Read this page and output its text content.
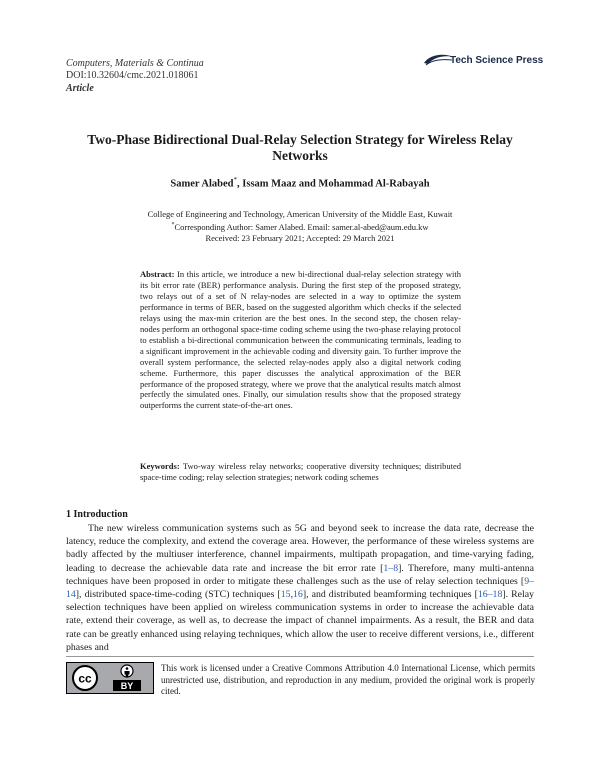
Computers, Materials & Continua
DOI:10.32604/cmc.2021.018061
Article
Tech Science Press
Two-Phase Bidirectional Dual-Relay Selection Strategy for Wireless Relay Networks
Samer Alabed*, Issam Maaz and Mohammad Al-Rabayah
College of Engineering and Technology, American University of the Middle East, Kuwait
*Corresponding Author: Samer Alabed. Email: samer.al-abed@aum.edu.kw
Received: 23 February 2021; Accepted: 29 March 2021
Abstract: In this article, we introduce a new bi-directional dual-relay selection strategy with its bit error rate (BER) performance analysis. During the first step of the proposed strategy, two relays out of a set of N relay-nodes are selected in a way to optimize the system performance in terms of BER, based on the suggested algorithm which checks if the selected relays using the max-min criterion are the best ones. In the second step, the chosen relay-nodes perform an orthogonal space-time coding scheme using the two-phase relaying protocol to establish a bi-directional communication between the communicating terminals, leading to a significant improvement in the achievable coding and diversity gain. To further improve the overall system performance, the selected relay-nodes apply also a digital network coding scheme. Furthermore, this paper discusses the analytical approximation of the BER performance of the proposed strategy, where we prove that the analytical results match almost perfectly the simulated ones. Finally, our simulation results show that the proposed strategy outperforms the current state-of-the-art ones.
Keywords: Two-way wireless relay networks; cooperative diversity techniques; distributed space-time coding; relay selection strategies; network coding schemes
1 Introduction

The new wireless communication systems such as 5G and beyond seek to increase the data rate, decrease the latency, reduce the complexity, and extend the coverage area. However, the performance of these wireless systems are badly affected by the multiuser interference, channel impairments, multipath propagation, and time-varying fading, leading to decrease the achievable data rate and increase the bit error rate [1–8]. Therefore, many multi-antenna techniques have been proposed in order to mitigate these challenges such as the use of relay selection techniques [9–14], distributed space-time-coding (STC) techniques [15,16], and distributed beamforming techniques [16–18]. Relay selection techniques have been applied on wireless communication systems in order to increase the achievable data rate, extend their coverage, as well as, to decrease the impact of channel impairments. As a result, the BER and data rate can be greatly enhanced using relaying techniques, which allow the user to receive different versions, i.e., different phases and

cc
BY
This work is licensed under a Creative Commons Attribution 4.0 International License, which permits unrestricted use, distribution, and reproduction in any medium, provided the original work is properly cited.
